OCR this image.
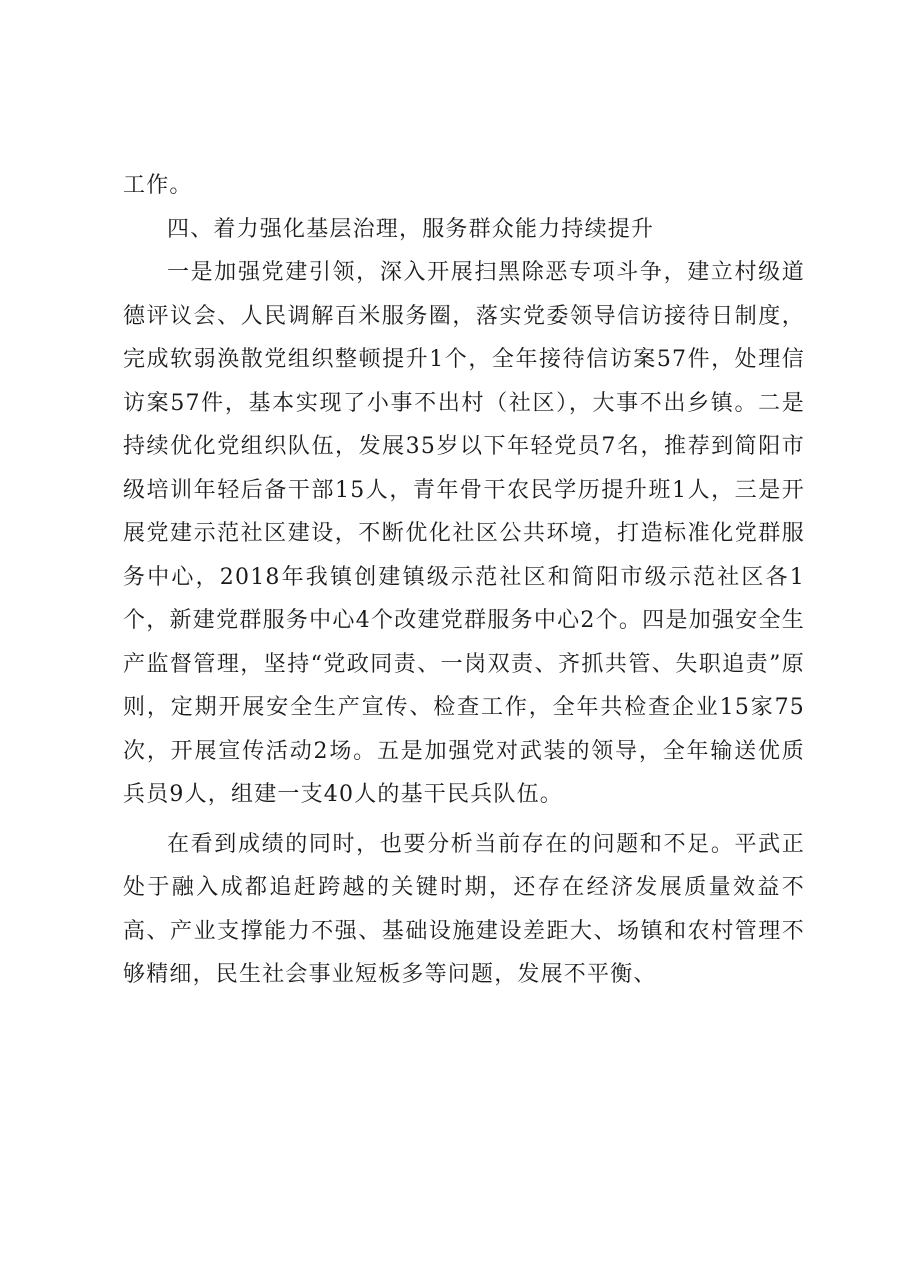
工作。

四、着力强化基层治理，服务群众能力持续提升

一是加强党建引领，深入开展扫黑除恶专项斗争，建立村级道德评议会、人民调解百米服务圈，落实党委领导信访接待日制度，完成软弱涣散党组织整顿提升1个，全年接待信访案57件，处理信访案57件，基本实现了小事不出村（社区），大事不出乡镇。二是持续优化党组织队伍，发展35岁以下年轻党员7名，推荐到简阳市级培训年轻后备干部15人，青年骨干农民学历提升班1人，三是开展党建示范社区建设，不断优化社区公共环境，打造标准化党群服务中心，2018年我镇创建镇级示范社区和简阳市级示范社区各1个，新建党群服务中心4个改建党群服务中心2个。四是加强安全生产监督管理，坚持“党政同责、一岗双责、齐抓共管、失职追责”原则，定期开展安全生产宣传、检查工作，全年共检查企业15家75次，开展宣传活动2场。五是加强党对武装的领导，全年输送优质兵员9人，组建一支40人的基干民兵队伍。

在看到成绩的同时，也要分析当前存在的问题和不足。平武正处于融入成都追赶跨越的关键时期，还存在经济发展质量效益不高、产业支撑能力不强、基础设施建设差距大、场镇和农村管理不够精细，民生社会事业短板多等问题，发展不平衡、
